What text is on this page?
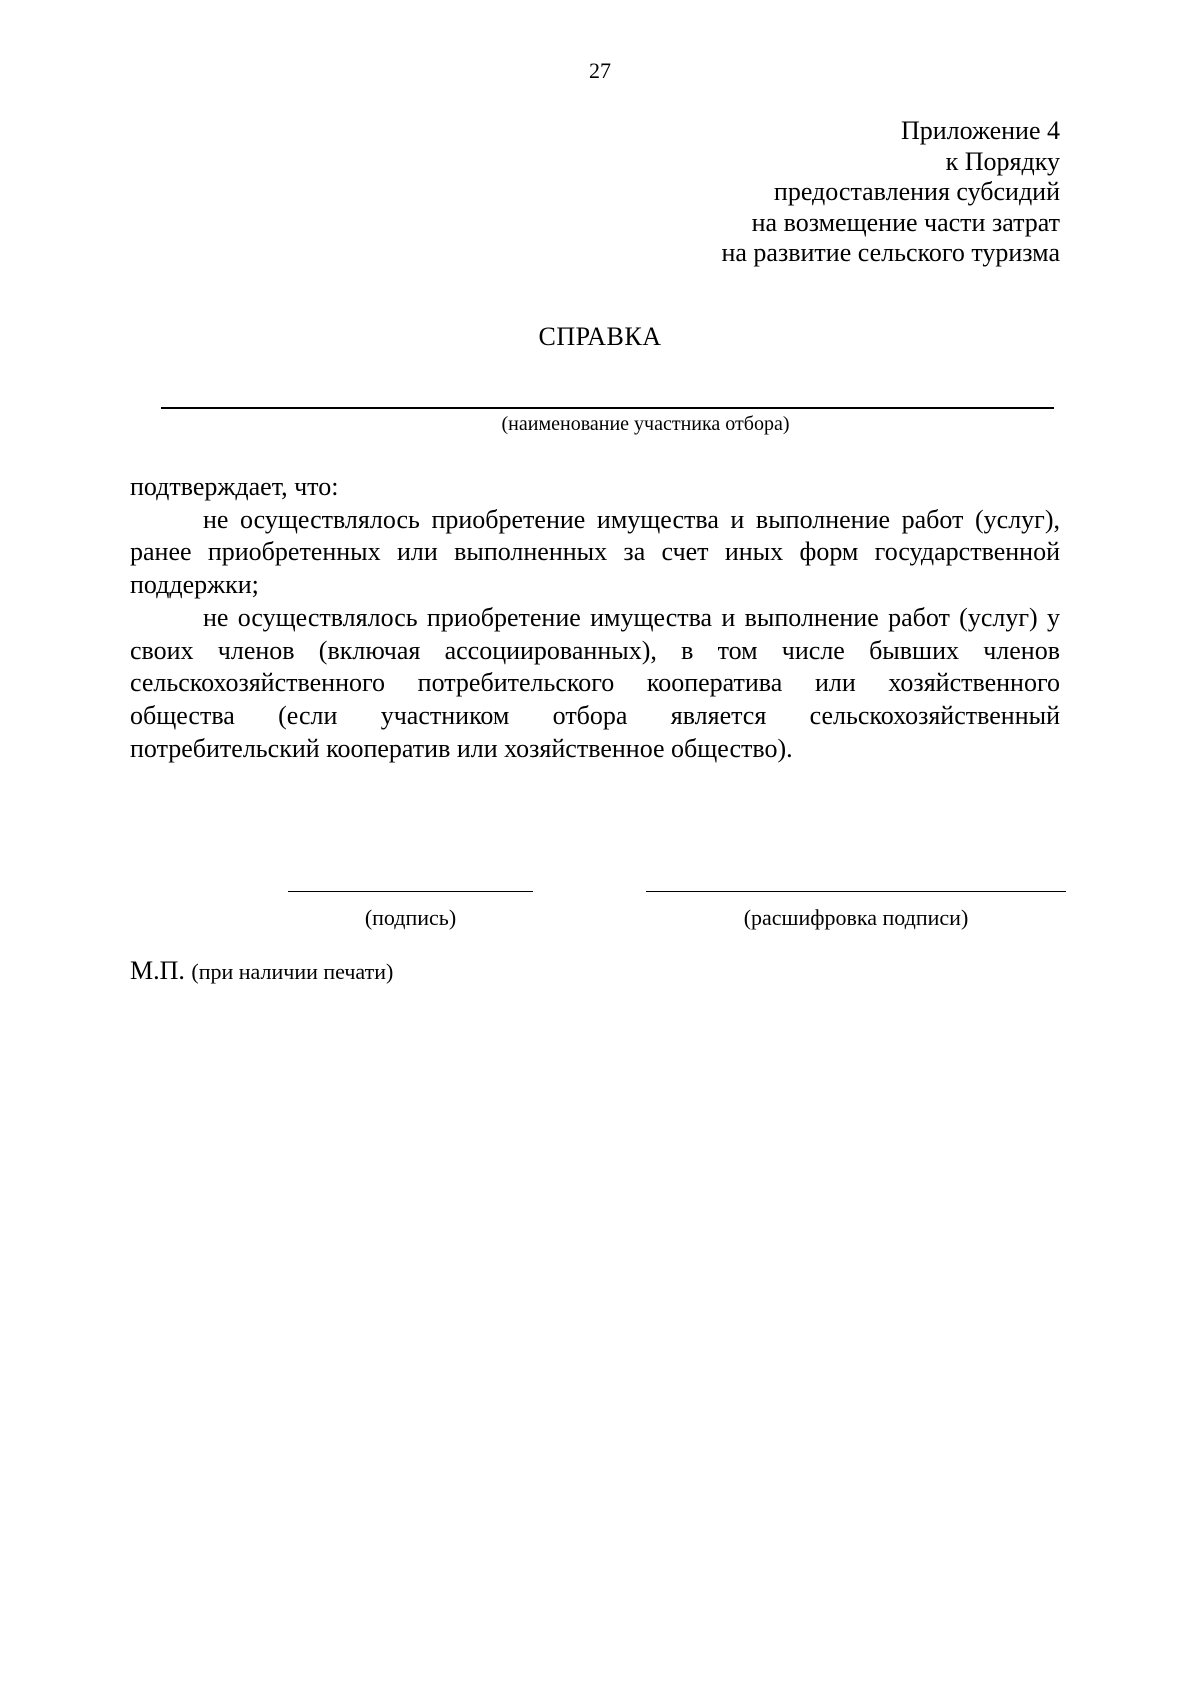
27
Приложение 4
к Порядку
предоставления субсидий
на возмещение части затрат
на развитие сельского туризма
СПРАВКА
(наименование участника отбора)
подтверждает, что:
не осуществлялось приобретение имущества и выполнение работ (услуг), ранее приобретенных или выполненных за счет иных форм государственной поддержки;
не осуществлялось приобретение имущества и выполнение работ (услуг) у своих членов (включая ассоциированных), в том числе бывших членов сельскохозяйственного потребительского кооператива или хозяйственного общества (если участником отбора является сельскохозяйственный потребительский кооператив или хозяйственное общество).
(подпись)	(расшифровка подписи)
М.П. (при наличии печати)
